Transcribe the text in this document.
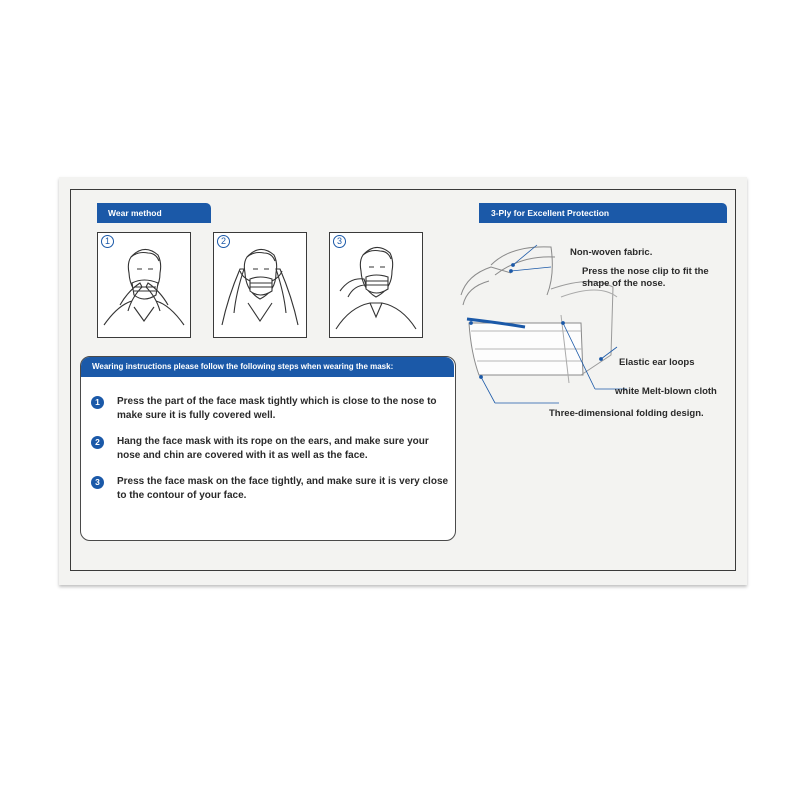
Wear method	3-Ply for Excellent Protection
1	2	3
Wearing instructions please follow the following steps when wearing the mask:
1	Press the part of the face mask tightly which is close to the nose to make sure it is fully covered well.
2	Hang the face mask with its rope on the ears, and make sure your nose and chin are covered with it as well as the face.
3	Press the face mask on the face tightly, and make sure it is very close to the contour of your face.
Non-woven fabric.
Press the nose clip to fit the shape of the nose.
Elastic ear loops
white Melt-blown cloth
Three-dimensional folding design.
